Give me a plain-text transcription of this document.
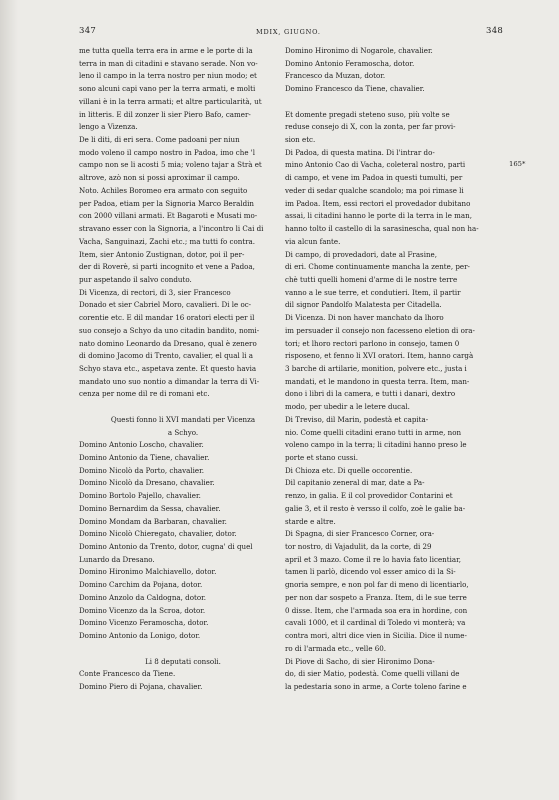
347	MDIX, GIUGNO.	348
165*

me tutta quella terra era in arme e le porte di la

terra in man di citadini e stavano serade. Non vo-

leno il campo in la terra nostro per niun modo; et

sono alcuni capi vano per la terra armati, e molti

villani è in la terra armati; et altre particularità, ut

in litteris. E dil zonzer li sier Piero Bafo, camer-

lengo a Vizenza.

De li diti, di eri sera. Come padoani per niun

modo voleno il campo nostro in Padoa, imo che 'l

campo non se li acosti 5 mia; voleno tajar a Strà et

altrove, azò non si possi aproximar il campo.

Noto. Achiles Boromeo era armato con seguito

per Padoa, etiam per la Signoria Marco Beraldin

con 2000 villani armati. Et Bagaroti e Musati mo-

stravano esser con la Signoria, a l'incontro li Cai di

Vacha, Sanguinazi, Zachi etc.; ma tutti fo contra.

Item, sier Antonio Zustignan, dotor, poi il per-

der di Roverè, si parti incognito et vene a Padoa,

pur aspetando il salvo conduto.

Di Vicenza, di rectori, di 3, sier Francesco

Donado et sier Cabriel Moro, cavalieri. Di le oc-

corentie etc. E dil mandar 16 oratori electi per il

suo consejo a Schyo da uno citadin bandito, nomi-

nato domino Leonardo da Dresano, qual è zenero

di domino Jacomo di Trento, cavalier, el qual li a

Schyo stava etc., aspetava zente. Et questo havia

mandato uno suo nontio a dimandar la terra di Vi-

cenza per nome dil re di romani etc.

Questi fonno li XVI mandati per Vicenza

a Schyo.

Domino Antonio Loscho, chavalier.

Domino Antonio da Tiene, chavalier.

Domino Nicolò da Porto, chavalier.

Domino Nicolò da Dresano, chavalier.

Domino Bortolo Pajello, chavalier.

Domino Bernardim da Sessa, chavalier.

Domino Mondam da Barbaran, chavalier.

Domino Nicolò Chieregato, chavalier, dotor.

Domino Antonio da Trento, dotor, cugna' di quel

Lunardo da Dresano.

Domino Hironimo Malchiavello, dotor.

Domino Carchim da Pojana, dotor.

Domino Anzolo da Caldogna, dotor.

Domino Vicenzo da la Scroa, dotor.

Domino Vicenzo Feramoscha, dotor.

Domino Antonio da Lonigo, dotor.

Li 8 deputati consoli.

Conte Francesco da Tiene.

Domino Piero di Pojana, chavalier.

Domino Hironimo di Nogarole, chavalier.

Domino Antonio Feramoscha, dotor.

Francesco da Muzan, dotor.

Domino Francesco da Tiene, chavalier.

Et domente pregadi steteno suso, più volte se

reduse consejo di X, con la zonta, per far provi-

sion etc.

Di Padoa, di questa matina. Di l'intrar do-

mino Antonio Cao di Vacha, coleteral nostro, parti

di campo, et vene im Padoa in questi tumulti, per

veder di sedar qualche scandolo; ma poi rimase li

im Padoa. Item, essi rectori el provedador dubitano

assai, li citadini hanno le porte di la terra in le man,

hanno tolto il castello di la sarasinescha, qual non ha-

via alcun fante.

Di campo, di provedadori, date al Frasine,

di eri. Chome continuamente mancha la zente, per-

chè tutti quelli homeni d'arme di le nostre terre

vanno a le sue terre, et condutieri. Item, il partir

dil signor Pandolfo Malatesta per Citadella.

Di Vicenza. Di non haver manchato da lhoro

im persuader il consejo non facesseno eletion di ora-

tori; et lhoro rectori parlono in consejo, tamen 0

risposeno, et fenno li XVI oratori. Item, hanno cargà

3 barche di artilarie, monition, polvere etc., justa i

mandati, et le mandono in questa terra. Item, man-

dono i libri di la camera, e tutti i danari, dextro

modo, per ubedir a le letere ducal.

Di Treviso, dil Marin, podestà et capita-

nio. Come quelli citadini erano tutti in arme, non

voleno campo in la terra; li citadini hanno preso le

porte et stano cussi.

Di Chioza etc. Di quelle occorentie.

Dil capitanio zeneral di mar, date a Pa-

renzo, in galia. E il col provedidor Contarini et

galie 3, et il resto è versso il colfo, zoè le galie ba-

starde e altre.

Di Spagna, di sier Francesco Corner, ora-

tor nostro, di Vajadulit, da la corte, di 29

april et 3 mazo. Come il re lo havia fato licentiar,

tamen li parlò, dicendo vol esser amico di la Si-

gnoria sempre, e non pol far di meno di licentiarlo,

per non dar sospeto a Franza. Item, di le sue terre

0 disse. Item, che l'armada soa era in hordine, con

cavali 1000, et il cardinal di Toledo vi monterà; va

contra mori, altri dice vien in Sicilia. Dice il nume-

ro di l'armada etc., velle 60.

Di Piove di Sacho, di sier Hironimo Dona-

do, di sier Matio, podestà. Come quelli villani de

la pedestaria sono in arme, a Corte toleno farine e
